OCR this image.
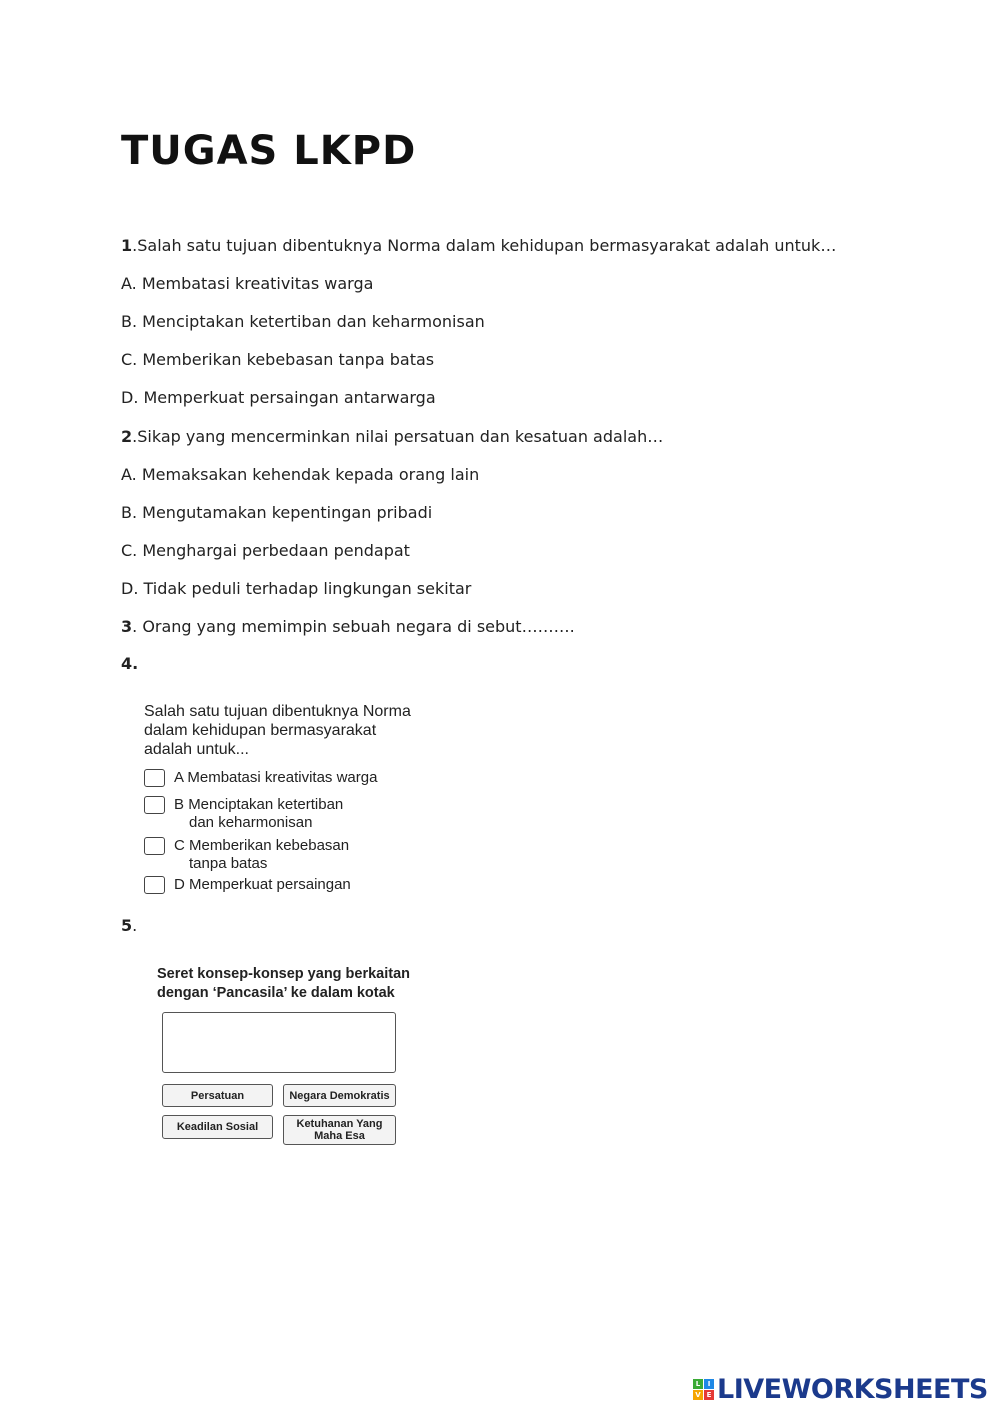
TUGAS LKPD
1.Salah satu tujuan dibentuknya Norma dalam kehidupan bermasyarakat adalah untuk…
A. Membatasi kreativitas warga
B. Menciptakan ketertiban dan keharmonisan
C. Memberikan kebebasan tanpa batas
D. Memperkuat persaingan antarwarga
2.Sikap yang mencerminkan nilai persatuan dan kesatuan adalah…
A. Memaksakan kehendak kepada orang lain
B. Mengutamakan kepentingan pribadi
C. Menghargai perbedaan pendapat
D. Tidak peduli terhadap lingkungan sekitar
3. Orang yang memimpin sebuah negara di sebut……….
4.
Salah satu tujuan dibentuknya Norma
dalam kehidupan bermasyarakat
adalah untuk...
A Membatasi kreativitas warga
B Menciptakan ketertiban
dan keharmonisan
C Memberikan kebebasan
tanpa batas
D Memperkuat persaingan
5.
Seret konsep-konsep yang berkaitan
dengan ‘Pancasila’ ke dalam kotak
Persatuan	Negara Demokratis
Keadilan Sosial	Ketuhanan Yang
Maha Esa
L	I
V E LIVEWORKSHEETS
